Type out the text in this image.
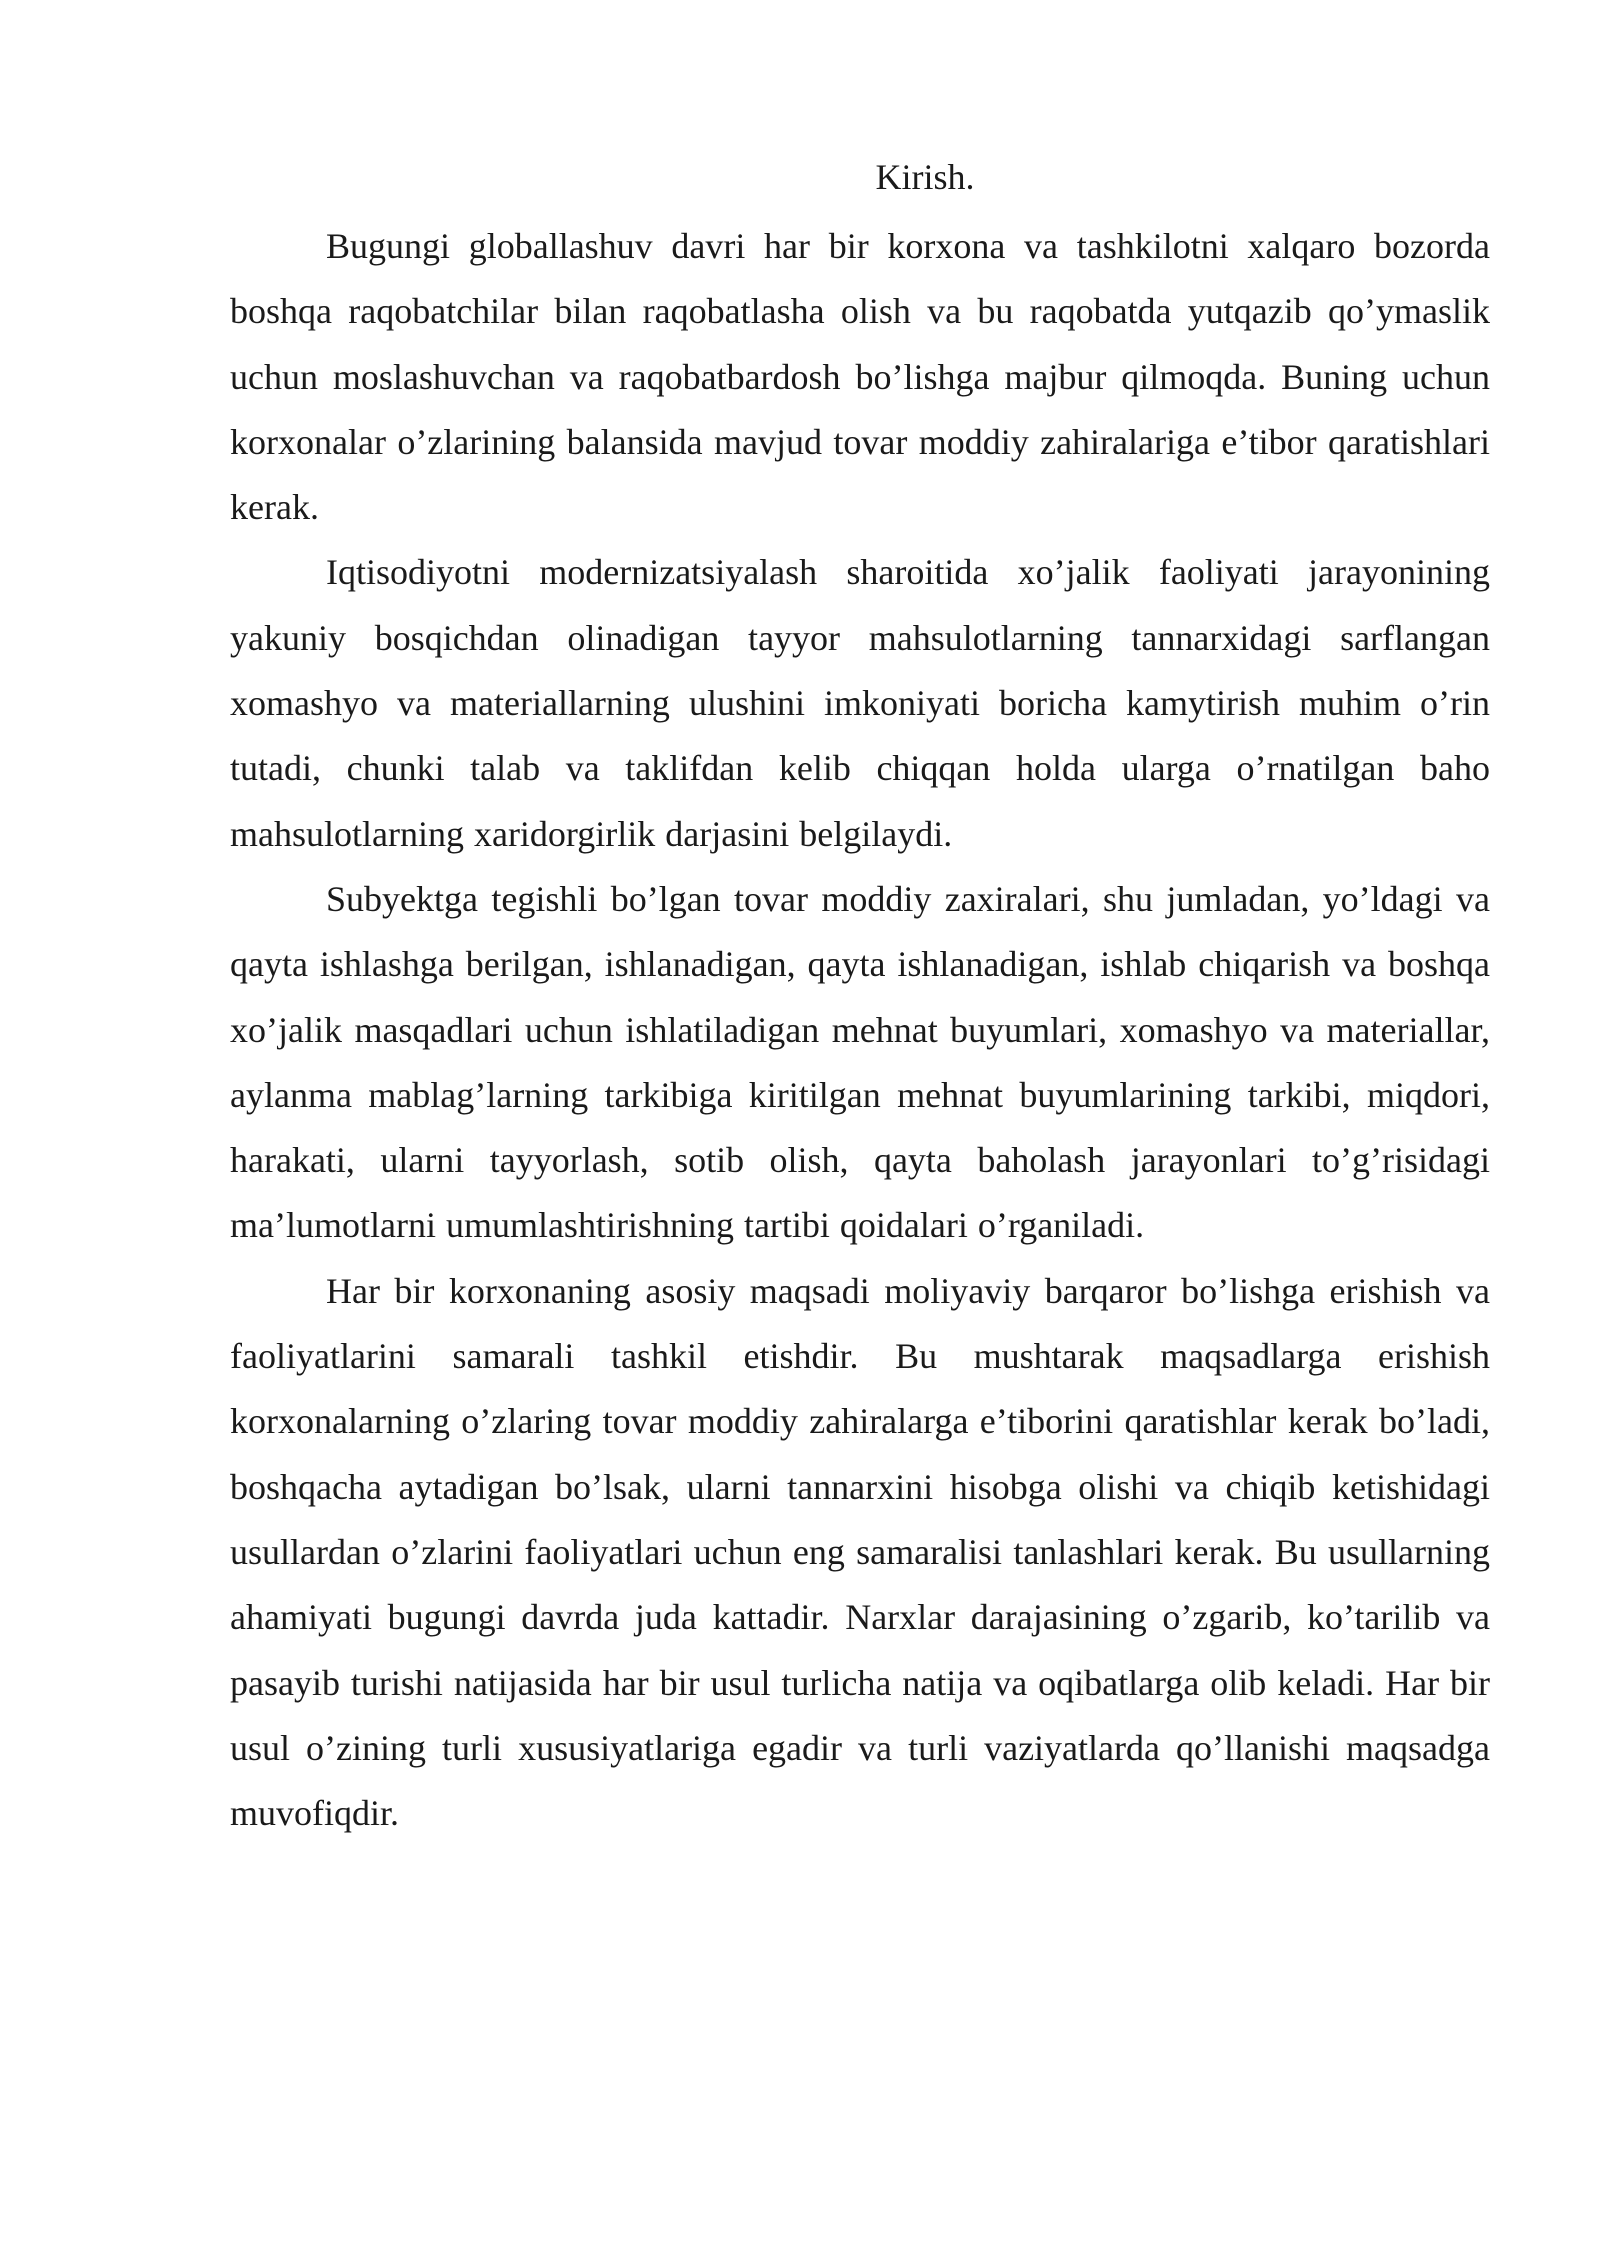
Kirish.

Bugungi globallashuv davri har bir korxona va tashkilotni xalqaro bozorda boshqa raqobatchilar bilan raqobatlasha olish va bu raqobatda yutqazib qo’ymaslik uchun moslashuvchan va raqobatbardosh bo’lishga majbur qilmoqda. Buning uchun korxonalar o’zlarining balansida mavjud tovar moddiy zahiralariga e’tibor qaratishlari kerak.

Iqtisodiyotni modernizatsiyalash sharoitida xo’jalik faoliyati jarayonining yakuniy bosqichdan olinadigan tayyor mahsulotlarning tannarxidagi sarflangan xomashyo va materiallarning ulushini imkoniyati boricha kamytirish muhim o’rin tutadi, chunki talab va taklifdan kelib chiqqan holda ularga o’rnatilgan baho mahsulotlarning xaridorgirlik darjasini belgilaydi.

Subyektga tegishli bo’lgan tovar moddiy zaxiralari, shu jumladan, yo’ldagi va qayta ishlashga berilgan, ishlanadigan, qayta ishlanadigan, ishlab chiqarish va boshqa xo’jalik masqadlari uchun ishlatiladigan mehnat buyumlari, xomashyo va materiallar, aylanma mablag’larning tarkibiga kiritilgan mehnat buyumlarining tarkibi, miqdori, harakati, ularni tayyorlash, sotib olish, qayta baholash jarayonlari to’g’risidagi ma’lumotlarni umumlashtirishning tartibi qoidalari o’rganiladi.

Har bir korxonaning asosiy maqsadi moliyaviy barqaror bo’lishga erishish va faoliyatlarini samarali tashkil etishdir. Bu mushtarak maqsadlarga erishish korxonalarning o’zlaring tovar moddiy zahiralarga e’tiborini qaratishlar kerak bo’ladi, boshqacha aytadigan bo’lsak, ularni tannarxini hisobga olishi va chiqib ketishidagi usullardan o’zlarini faoliyatlari uchun eng samaralisi tanlashlari kerak. Bu usullarning ahamiyati bugungi davrda juda kattadir. Narxlar darajasining o’zgarib, ko’tarilib va pasayib turishi natijasida har bir usul turlicha natija va oqibatlarga olib keladi. Har bir usul o’zining turli xususiyatlariga egadir va turli vaziyatlarda qo’llanishi maqsadga muvofiqdir.
